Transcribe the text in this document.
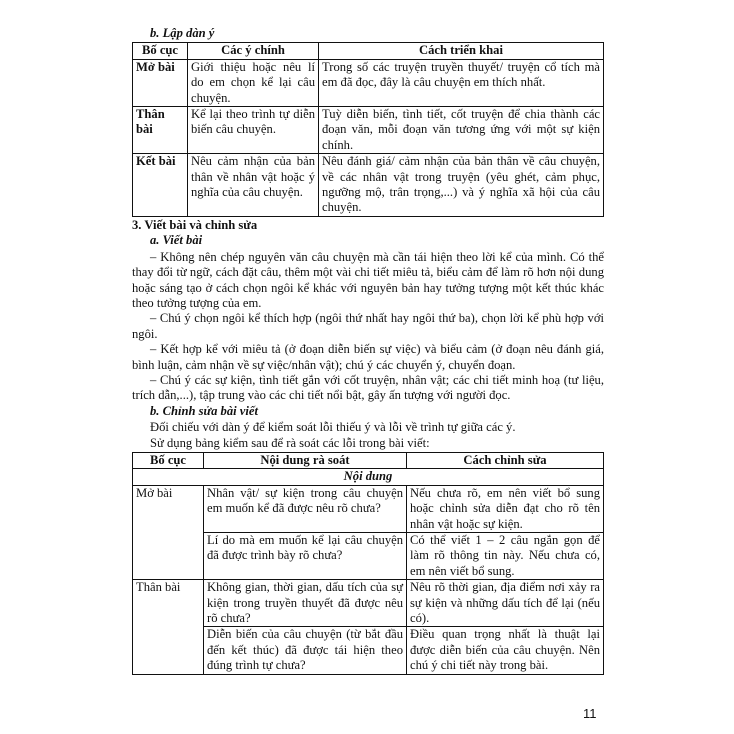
b. Lập dàn ý
Bố cục	Các ý chính	Cách triển khai
Mở bài	Giới thiệu hoặc nêu lí do em chọn kể lại câu chuyện.	Trong số các truyện truyền thuyết/ truyện cổ tích mà em đã đọc, đây là câu chuyện em thích nhất.
Thân bài	Kể lại theo trình tự diễn biến câu chuyện.	Tuỳ diễn biến, tình tiết, cốt truyện để chia thành các đoạn văn, mỗi đoạn văn tương ứng với một sự kiện chính.
Kết bài	Nêu cảm nhận của bản thân về nhân vật hoặc ý nghĩa của câu chuyện.	Nêu đánh giá/ cảm nhận của bản thân về câu chuyện, về các nhân vật trong truyện (yêu ghét, cảm phục, ngưỡng mộ, trân trọng,...) và ý nghĩa xã hội của câu chuyện.
3. Viết bài và chỉnh sửa
a. Viết bài

– Không nên chép nguyên văn câu chuyện mà cần tái hiện theo lời kể của mình. Có thể thay đổi từ ngữ, cách đặt câu, thêm một vài chi tiết miêu tả, biểu cảm để làm rõ hơn nội dung hoặc sáng tạo ở cách chọn ngôi kể khác với nguyên bản hay tưởng tượng một kết thúc khác theo tưởng tượng của em.

– Chú ý chọn ngôi kể thích hợp (ngôi thứ nhất hay ngôi thứ ba), chọn lời kể phù hợp với ngôi.

– Kết hợp kể với miêu tả (ở đoạn diễn biến sự việc) và biểu cảm (ở đoạn nêu đánh giá, bình luận, cảm nhận về sự việc/nhân vật); chú ý các chuyển ý, chuyển đoạn.

– Chú ý các sự kiện, tình tiết gắn với cốt truyện, nhân vật; các chi tiết minh hoạ (tư liệu, trích dẫn,...), tập trung vào các chi tiết nổi bật, gây ấn tượng với người đọc.

b. Chỉnh sửa bài viết

Đối chiếu với dàn ý để kiểm soát lỗi thiếu ý và lỗi về trình tự giữa các ý.

Sử dụng bảng kiểm sau để rà soát các lỗi trong bài viết:

Bố cục	Nội dung rà soát	Cách chỉnh sửa
Nội dung		
Mở bài	Nhân vật/ sự kiện trong câu chuyện em muốn kể đã được nêu rõ chưa?	Nếu chưa rõ, em nên viết bổ sung hoặc chỉnh sửa diễn đạt cho rõ tên nhân vật hoặc sự kiện.
	Lí do mà em muốn kể lại câu chuyện đã được trình bày rõ chưa?	Có thể viết 1 – 2 câu ngắn gọn để làm rõ thông tin này. Nếu chưa có, em nên viết bổ sung.
Thân bài	Không gian, thời gian, dấu tích của sự kiện trong truyền thuyết đã được nêu rõ chưa?	Nêu rõ thời gian, địa điểm nơi xảy ra sự kiện và những dấu tích để lại (nếu có).
	Diễn biến của câu chuyện (từ bắt đầu đến kết thúc) đã được tái hiện theo đúng trình tự chưa?	Điều quan trọng nhất là thuật lại được diễn biến của câu chuyện. Nên chú ý chi tiết này trong bài.
11
